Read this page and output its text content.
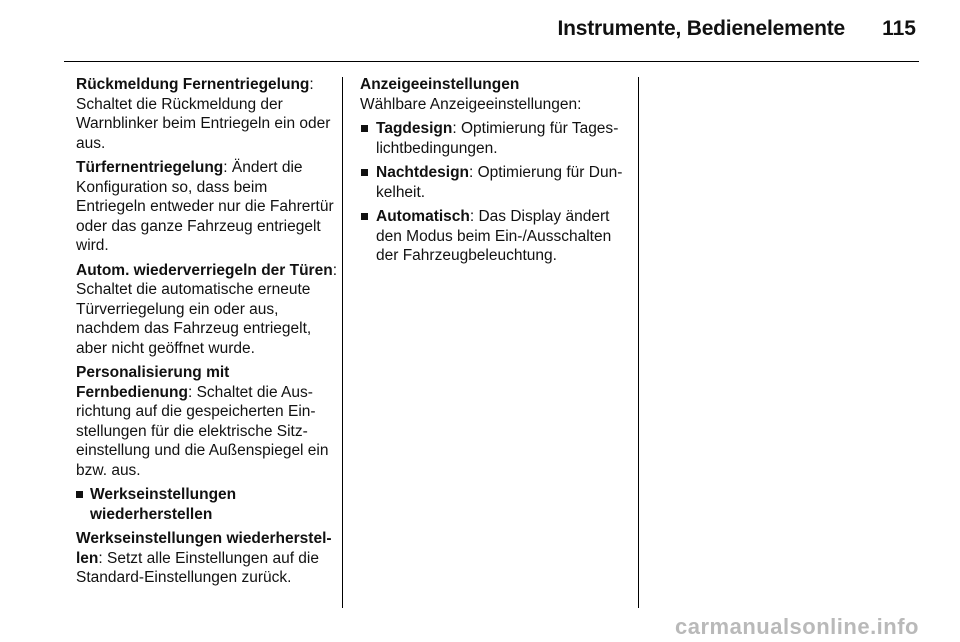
Instrumente, Bedienelemente	115

Rückmeldung Fernentriegelung: Schaltet die Rückmeldung der Warnblinker beim Entriegeln ein oder aus.

Türfernentriegelung: Ändert die Konfiguration so, dass beim Entriegeln entweder nur die Fahrertür oder das ganze Fahrzeug entriegelt wird.

Autom. wiederverriegeln der Türen: Schaltet die automatische erneute Türverriegelung ein oder aus, nachdem das Fahrzeug entriegelt, aber nicht geöffnet wurde.

Personalisierung mit Fernbedienung: Schaltet die Ausrichtung auf die gespeicherten Einstellungen für die elektrische Sitzeinstellung und die Außenspiegel ein bzw. aus.

Werkseinstellungen wiederherstellen

Werkseinstellungen wiederherstellen: Setzt alle Einstellungen auf die Standard-Einstellungen zurück.

Anzeigeeinstellungen

Wählbare Anzeigeeinstellungen:

Tagdesign: Optimierung für Tageslichtbedingungen.

Nachtdesign: Optimierung für Dunkelheit.

Automatisch: Das Display ändert den Modus beim Ein-/Ausschalten der Fahrzeugbeleuchtung.

carmanualsonline.info
